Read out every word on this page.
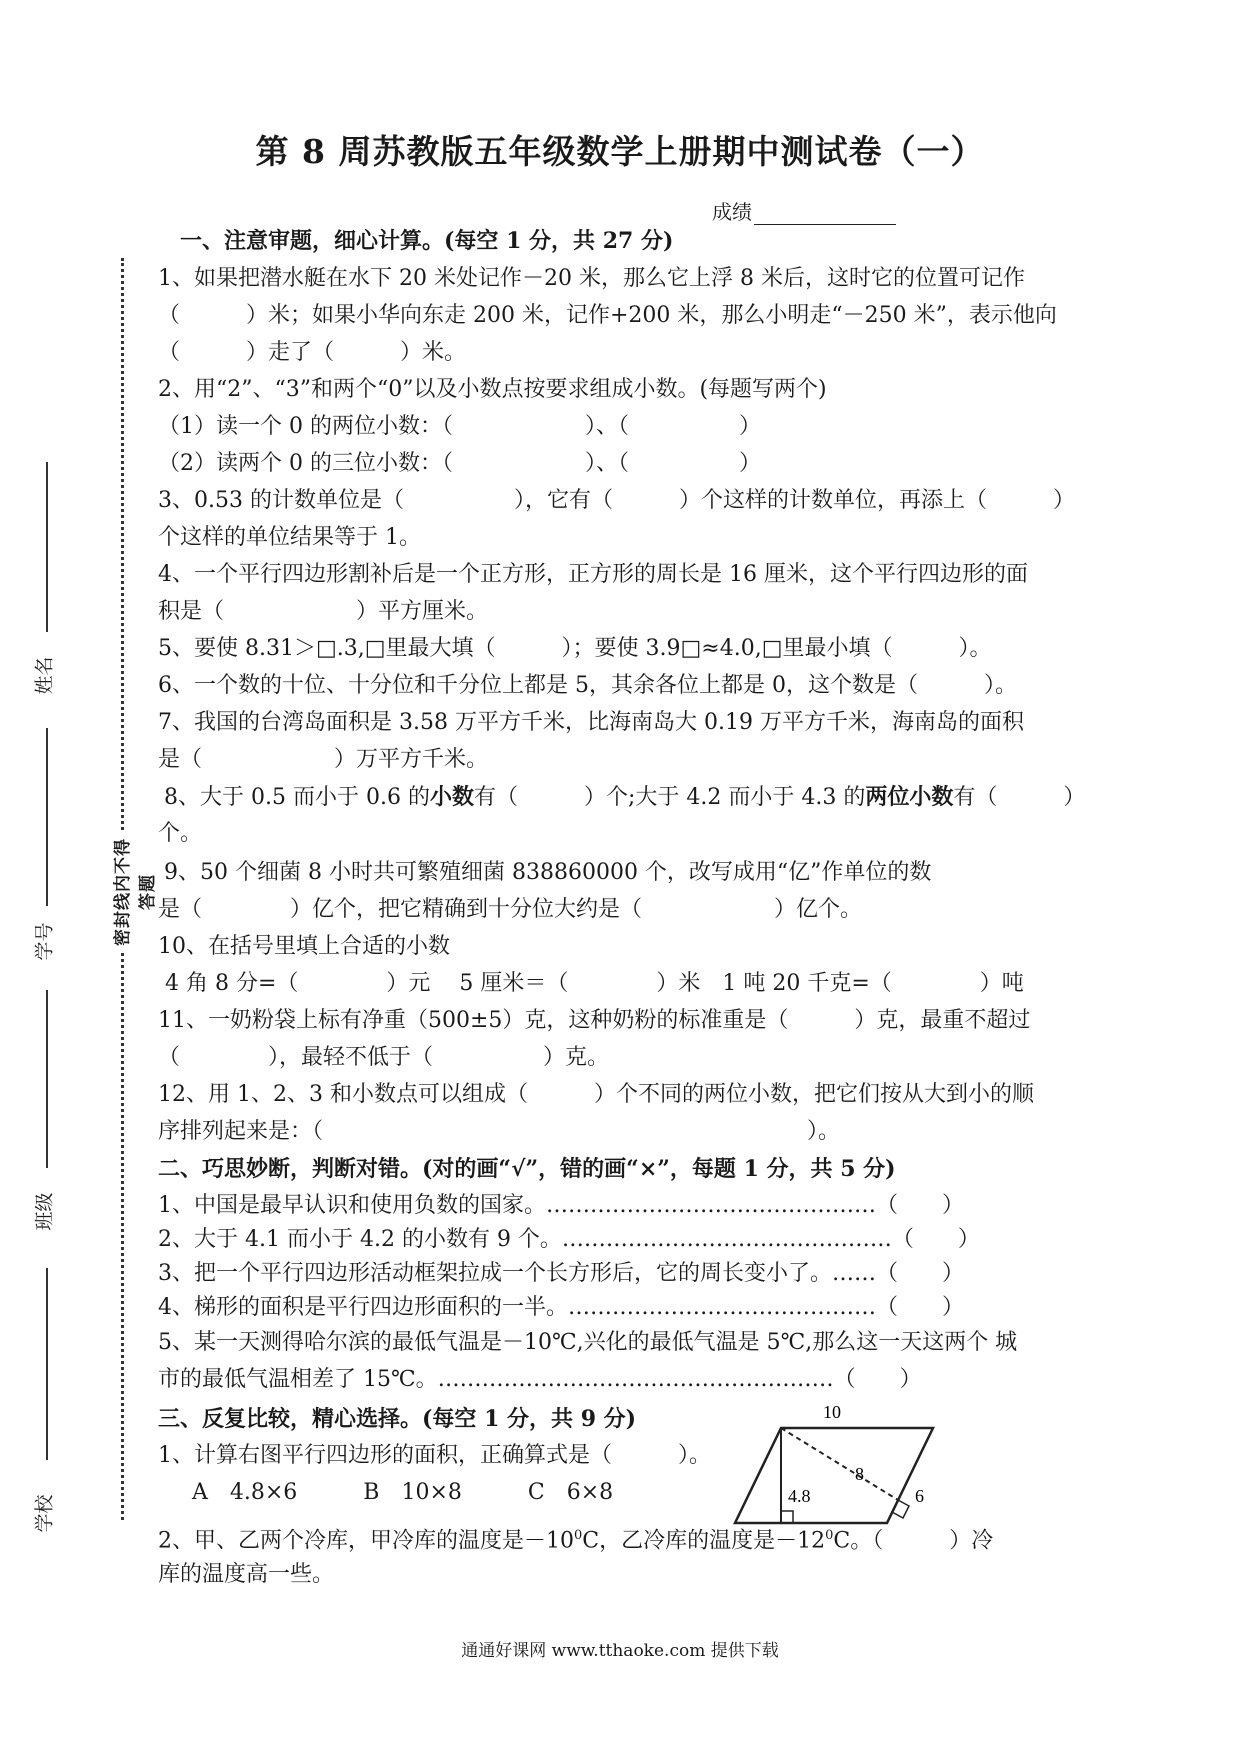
第 8 周苏教版五年级数学上册期中测试卷（一）
成绩
姓名
学号
班级
学校
密封线内不得答题
一、注意审题，细心计算。(每空 1 分，共 27 分)
1、如果把潜水艇在水下 20 米处记作－20 米，那么它上浮 8 米后，这时它的位置可记作
（　　　）米；如果小华向东走 200 米，记作+200 米，那么小明走“－250 米”，表示他向
（　　　）走了（　　　）米。
2、用“2”、“3”和两个“0”以及小数点按要求组成小数。(每题写两个)
（1）读一个 0 的两位小数：（　　　　　　）、（　　　　　）
（2）读两个 0 的三位小数：（　　　　　　）、（　　　　　）
3、0.53 的计数单位是（　　　　　），它有（　　　）个这样的计数单位，再添上（　　　）
个这样的单位结果等于 1。
4、一个平行四边形割补后是一个正方形，正方形的周长是 16 厘米，这个平行四边形的面
积是（　　　　　　）平方厘米。
5、要使 8.31＞□.3,□里最大填（　　　）；要使 3.9□≈4.0,□里最小填（　　　）。
6、一个数的十位、十分位和千分位上都是 5，其余各位上都是 0，这个数是（　　　）。
7、我国的台湾岛面积是 3.58 万平方千米，比海南岛大 0.19 万平方千米，海南岛的面积
是（　　　　　　）万平方千米。
8、大于 0.5 而小于 0.6 的小数有（　　　）个;大于 4.2 而小于 4.3 的两位小数有（　　　）
个。
9、50 个细菌 8 小时共可繁殖细菌 838860000 个，改写成用“亿”作单位的数
是（　　　　）亿个，把它精确到十分位大约是（　　　　　　）亿个。
10、在括号里填上合适的小数
4 角 8 分=（　　　　）元　 5 厘米＝（　　　　）米　1 吨 20 千克=（　　　　）吨
11、一奶粉袋上标有净重（500±5）克，这种奶粉的标准重是（　　　）克，最重不超过
（　　　　），最轻不低于（　　　　　）克。
12、用 1、2、3 和小数点可以组成（　　　）个不同的两位小数，把它们按从大到小的顺
序排列起来是：（　　　　　　　　　　　　　　　　　　　　　　）。
二、巧思妙断，判断对错。(对的画“√”，错的画“×”，每题 1 分，共 5 分)
1、中国是最早认识和使用负数的国家。………………………………………（　　）
2、大于 4.1 而小于 4.2 的小数有 9 个。………………………………………（　　）
3、把一个平行四边形活动框架拉成一个长方形后，它的周长变小了。……（　　）
4、梯形的面积是平行四边形面积的一半。……………………………………（　　）
5、某一天测得哈尔滨的最低气温是－10℃,兴化的最低气温是 5℃,那么这一天这两个 城
市的最低气温相差了 15℃。………………………………………………（　　）
三、反复比较，精心选择。(每空 1 分，共 9 分)
1、计算右图平行四边形的面积，正确算式是（　　　）。
A　4.8×6　　　B　10×8　　　C　6×8
2、甲、乙两个冷库，甲冷库的温度是$-10^0C$，乙冷库的温度是$-12^0C$。（　　　）冷
库的温度高一些。
10
4.8
8
6
通通好课网 www.tthaoke.com 提供下载
